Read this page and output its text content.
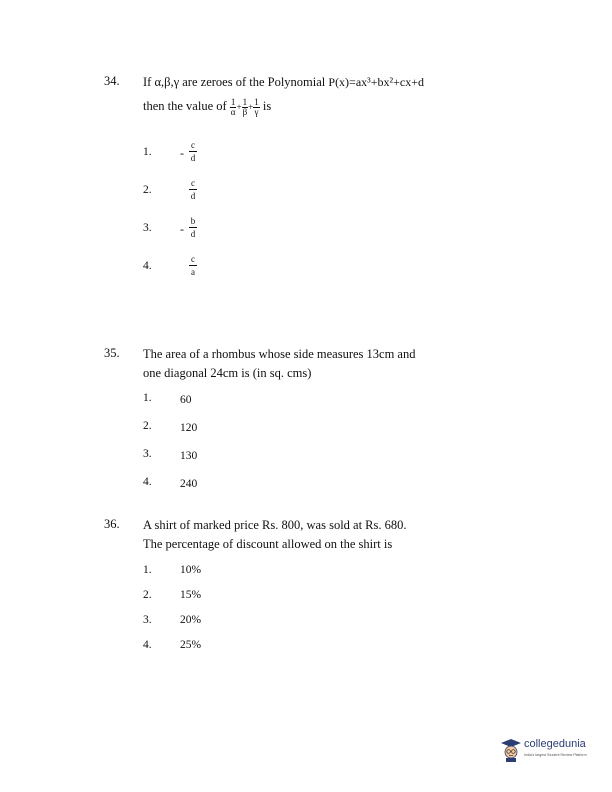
34. If α,β,γ are zeroes of the Polynomial P(x)=ax³+bx²+cx+d
then the value of $\frac{1}{\alpha} + \frac{1}{\beta} + \frac{1}{\gamma}$ is
1. -
c
d
2.
c
d
3. -
b
d
4.
c
a
35. The area of a rhombus whose side measures 13cm and
one diagonal 24cm is (in sq. cms)
1. 60
2. 120
3. 130
4. 240
36. A shirt of marked price Rs. 800, was sold at Rs. 680.
The percentage of discount allowed on the shirt is
1. 10%
2. 15%
3. 20%
4. 25%
collegedunia
India's largest Student Review Platform
